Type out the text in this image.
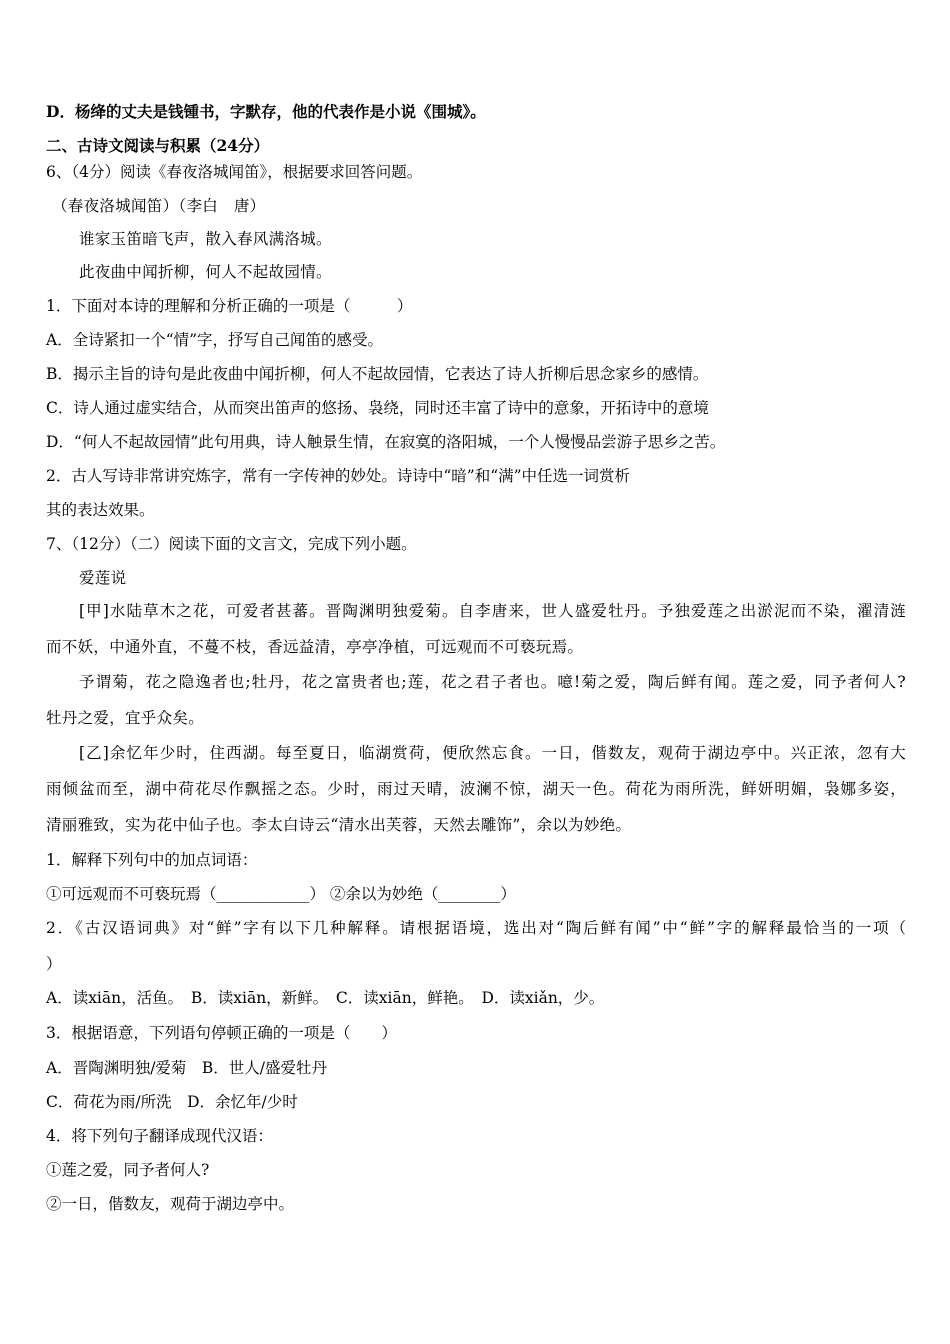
D．杨绛的丈夫是钱锺书，字默存，他的代表作是小说《围城》。
二、古诗文阅读与积累（24分）
6、（4分）阅读《春夜洛城闻笛》，根据要求回答问题。
（春夜洛城闻笛）（李白　唐）
谁家玉笛暗飞声，散入春风满洛城。
此夜曲中闻折柳，何人不起故园情。
1．下面对本诗的理解和分析正确的一项是（　　　）
A．全诗紧扣一个“情”字，抒写自己闻笛的感受。
B．揭示主旨的诗句是此夜曲中闻折柳，何人不起故园情，它表达了诗人折柳后思念家乡的感情。
C．诗人通过虚实结合，从而突出笛声的悠扬、袅绕，同时还丰富了诗中的意象，开拓诗中的意境
D．“何人不起故园情”此句用典，诗人触景生情，在寂寞的洛阳城，一个人慢慢品尝游子思乡之苦。
2．古人写诗非常讲究炼字，常有一字传神的妙处。诗诗中“暗”和“满”中任选一词赏析
其的表达效果。
7、（12分）（二）阅读下面的文言文，完成下列小题。
爱莲说
[甲]水陆草木之花，可爱者甚蕃。晋陶渊明独爱菊。自李唐来，世人盛爱牡丹。予独爱莲之出淤泥而不染，濯清涟
而不妖，中通外直，不蔓不枝，香远益清，亭亭净植，可远观而不可亵玩焉。
予谓菊，花之隐逸者也;牡丹，花之富贵者也;莲，花之君子者也。噫!菊之爱，陶后鲜有闻。莲之爱，同予者何人?
牡丹之爱，宜乎众矣。
[乙]余忆年少时，住西湖。每至夏日，临湖赏荷，便欣然忘食。一日，偕数友，观荷于湖边亭中。兴正浓，忽有大
雨倾盆而至，湖中荷花尽作飘摇之态。少时，雨过天晴，波澜不惊，湖天一色。荷花为雨所洗，鲜妍明媚，袅娜多姿，
清丽雅致，实为花中仙子也。李太白诗云“清水出芙蓉，天然去雕饰”，余以为妙绝。
1．解释下列句中的加点词语：
①可远观而不可亵玩焉（____________） ②余以为妙绝（________）
2．《古汉语词典》对“鲜”字有以下几种解释。请根据语境，选出对“陶后鲜有闻”中“鲜”字的解释最恰当的一项（
）
A．读xiān，活鱼。　B．读xiān，新鲜。　C．读xiān，鲜艳。　D．读xiǎn，少。
3．根据语意，下列语句停顿正确的一项是（　　）
A．晋陶渊明独/爱菊　B．世人/盛爱牡丹
C．荷花为雨/所洗　D．余忆年/少时
4．将下列句子翻译成现代汉语：
①莲之爱，同予者何人?
②一日，偕数友，观荷于湖边亭中。
